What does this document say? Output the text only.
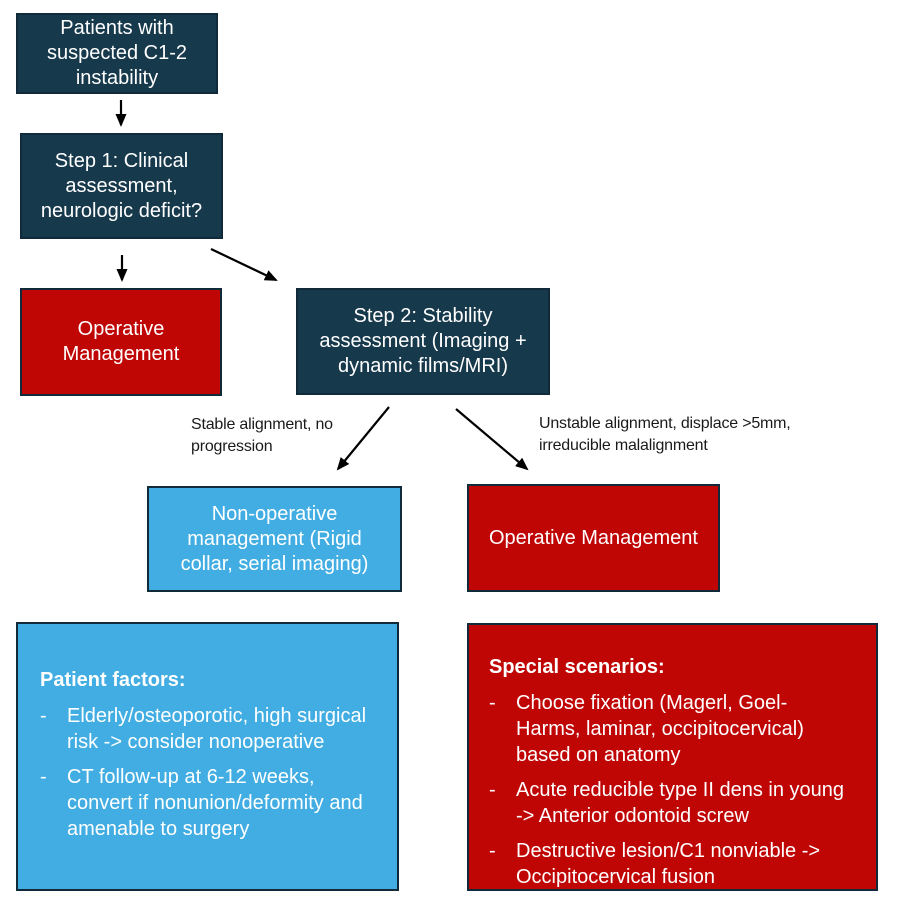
Patients with suspected C1-2 instability
Step 1: Clinical assessment, neurologic deficit?
Operative Management
Step 2: Stability assessment (Imaging + dynamic films/MRI)
Non-operative management (Rigid collar, serial imaging)
Operative Management
Stable alignment, no progression
Unstable alignment, displace >5mm, irreducible malalignment

Patient factors:

-
Elderly/osteoporotic, high surgical risk -> consider nonoperative
-
CT follow-up at 6-12 weeks, convert if nonunion/deformity and amenable to surgery

Special scenarios:

-
Choose fixation (Magerl, Goel-Harms, laminar, occipitocervical) based on anatomy
-
Acute reducible type II dens in young -> Anterior odontoid screw
-
Destructive lesion/C1 nonviable -> Occipitocervical fusion
